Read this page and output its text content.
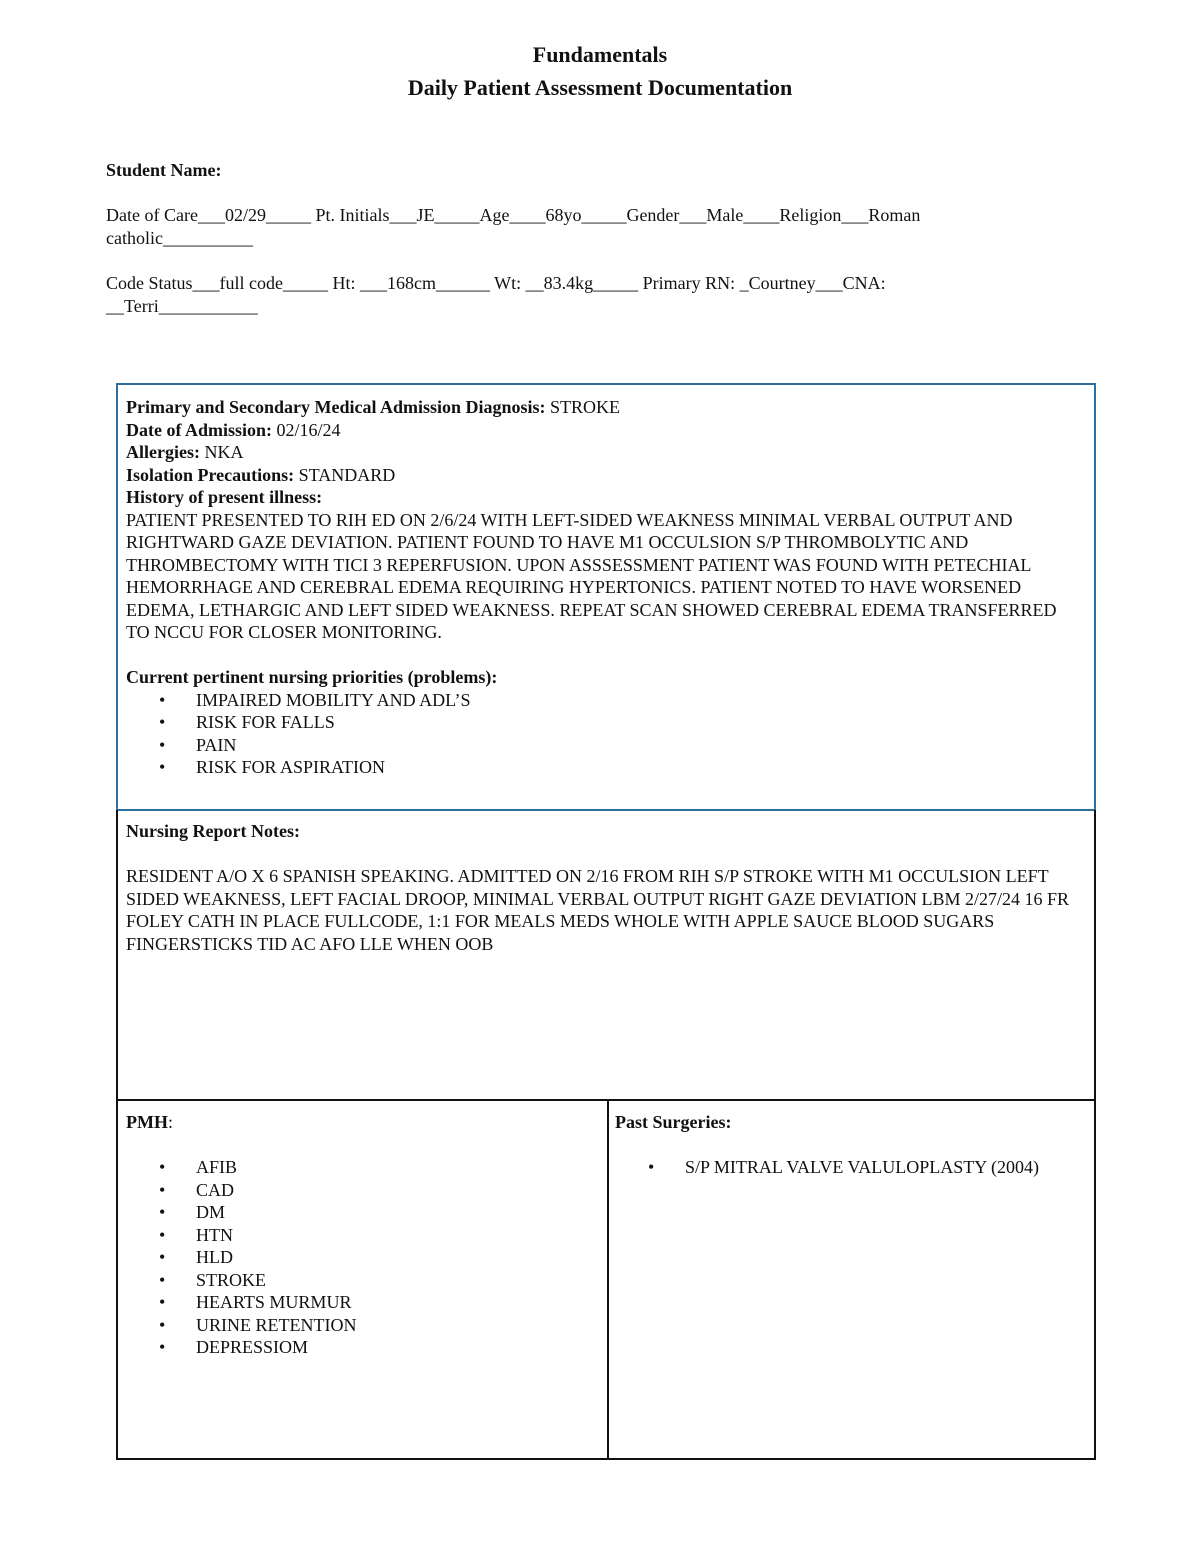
Fundamentals
Daily Patient Assessment Documentation
Student Name:
Date of Care___02/29_____ Pt. Initials___JE_____Age____68yo_____Gender___Male____Religion___Roman catholic__________
Code Status___full code_____ Ht: ___168cm______ Wt: __83.4kg_____ Primary RN: _Courtney___CNA: __Terri___________

Primary and Secondary Medical Admission Diagnosis: STROKE

Date of Admission: 02/16/24

Allergies: NKA

Isolation Precautions: STANDARD

History of present illness:

PATIENT PRESENTED TO RIH ED ON 2/6/24 WITH LEFT-SIDED WEAKNESS MINIMAL VERBAL OUTPUT AND RIGHTWARD GAZE DEVIATION. PATIENT FOUND TO HAVE M1 OCCULSION S/P THROMBOLYTIC AND THROMBECTOMY WITH TICI 3 REPERFUSION. UPON ASSSESSMENT PATIENT WAS FOUND WITH PETECHIAL HEMORRHAGE AND CEREBRAL EDEMA REQUIRING HYPERTONICS. PATIENT NOTED TO HAVE WORSENED EDEMA, LETHARGIC AND LEFT SIDED WEAKNESS. REPEAT SCAN SHOWED CEREBRAL EDEMA TRANSFERRED TO NCCU FOR CLOSER MONITORING.

Current pertinent nursing priorities (problems):

• IMPAIRED MOBILITY AND ADL’S
• RISK FOR FALLS
• PAIN
• RISK FOR ASPIRATION

Nursing Report Notes:

RESIDENT A/O X 6 SPANISH SPEAKING. ADMITTED ON 2/16 FROM RIH S/P STROKE WITH M1 OCCULSION LEFT SIDED WEAKNESS, LEFT FACIAL DROOP, MINIMAL VERBAL OUTPUT RIGHT GAZE DEVIATION LBM 2/27/24 16 FR FOLEY CATH IN PLACE FULLCODE, 1:1 FOR MEALS MEDS WHOLE WITH APPLE SAUCE BLOOD SUGARS FINGERSTICKS TID AC AFO LLE WHEN OOB

PMH:

• AFIB
• CAD
• DM
• HTN
• HLD
• STROKE
• HEARTS MURMUR
• URINE RETENTION
• DEPRESSIOM

Past Surgeries:

• S/P MITRAL VALVE VALULOPLASTY (2004)
